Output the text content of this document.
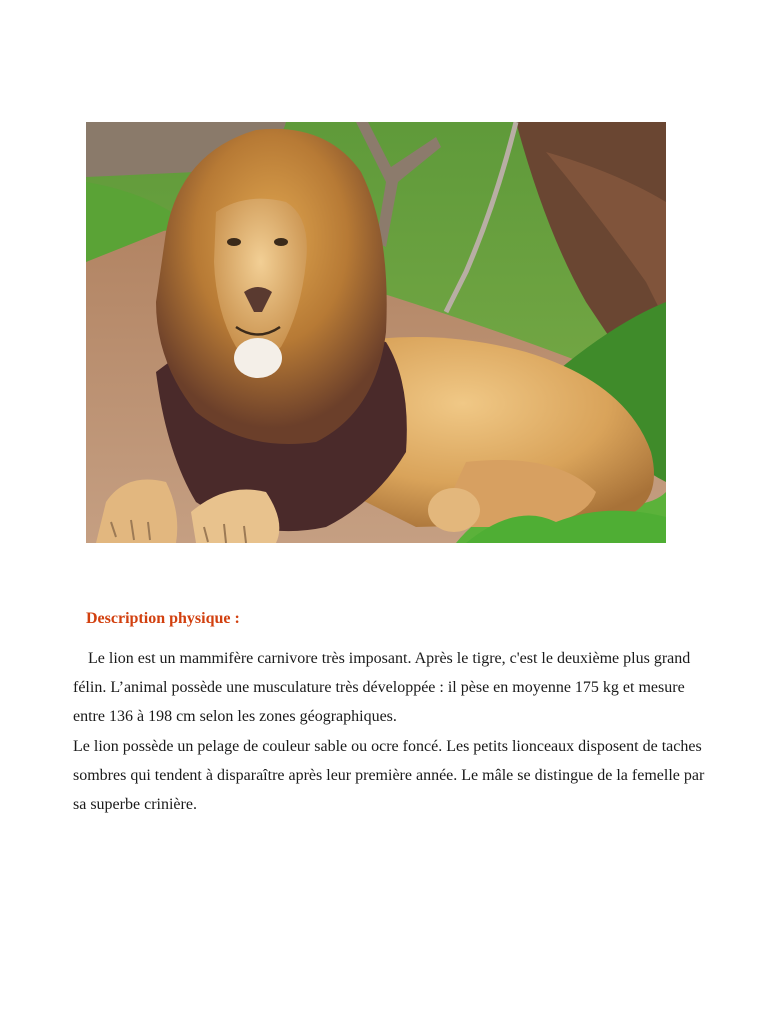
Description physique :

Le lion est un mammifère carnivore très imposant. Après le tigre, c'est le deuxième plus grand félin. L’animal possède une musculature très développée : il pèse en moyenne 175 kg et mesure entre 136 à 198 cm selon les zones géographiques.
Le lion possède un pelage de couleur sable ou ocre foncé. Les petits lionceaux disposent de taches sombres qui tendent à disparaître après leur première année. Le mâle se distingue de la femelle par sa superbe crinière.
